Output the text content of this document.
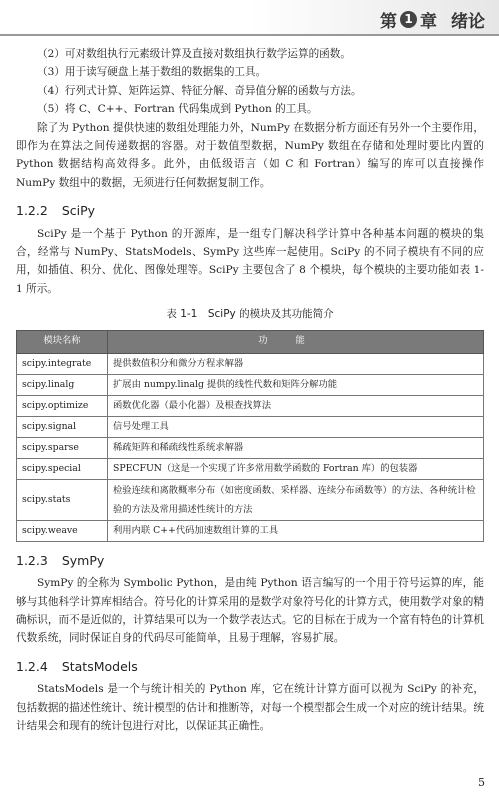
第 1 章 绪论

（2）可对数组执行元素级计算及直接对数组执行数学运算的函数。

（3）用于读写硬盘上基于数组的数据集的工具。

（4）行列式计算、矩阵运算、特征分解、奇异值分解的函数与方法。

（5）将 C、C++、Fortran 代码集成到 Python 的工具。

除了为 Python 提供快速的数组处理能力外，NumPy 在数据分析方面还有另外一个主要作用，即作为在算法之间传递数据的容器。对于数值型数据，NumPy 数组在存储和处理时要比内置的 Python 数据结构高效得多。此外，由低级语言（如 C 和 Fortran）编写的库可以直接操作 NumPy 数组中的数据，无须进行任何数据复制工作。

1.2.2 SciPy

SciPy 是一个基于 Python 的开源库，是一组专门解决科学计算中各种基本问题的模块的集合，经常与 NumPy、StatsModels、SymPy 这些库一起使用。SciPy 的不同子模块有不同的应用，如插值、积分、优化、图像处理等。SciPy 主要包含了 8 个模块，每个模块的主要功能如表 1-1 所示。

表 1-1　SciPy 的模块及其功能简介
模块名称	功能
scipy.integrate	提供数值积分和微分方程求解器
scipy.linalg	扩展由 numpy.linalg 提供的线性代数和矩阵分解功能
scipy.optimize	函数优化器（最小化器）及根查找算法
scipy.signal	信号处理工具
scipy.sparse	稀疏矩阵和稀疏线性系统求解器
scipy.special	SPECFUN（这是一个实现了许多常用数学函数的 Fortran 库）的包装器
scipy.stats	检验连续和离散概率分布（如密度函数、采样器、连续分布函数等）的方法、各种统计检验的方法及常用描述性统计的方法
scipy.weave	利用内联 C++代码加速数组计算的工具
1.2.3 SymPy

SymPy 的全称为 Symbolic Python，是由纯 Python 语言编写的一个用于符号运算的库，能够与其他科学计算库相结合。符号化的计算采用的是数学对象符号化的计算方式，使用数学对象的精确标识，而不是近似的，计算结果可以为一个数学表达式。它的目标在于成为一个富有特色的计算机代数系统，同时保证自身的代码尽可能简单，且易于理解，容易扩展。

1.2.4 StatsModels

StatsModels 是一个与统计相关的 Python 库，它在统计计算方面可以视为 SciPy 的补充，包括数据的描述性统计、统计模型的估计和推断等，对每一个模型都会生成一个对应的统计结果。统计结果会和现有的统计包进行对比，以保证其正确性。

5
